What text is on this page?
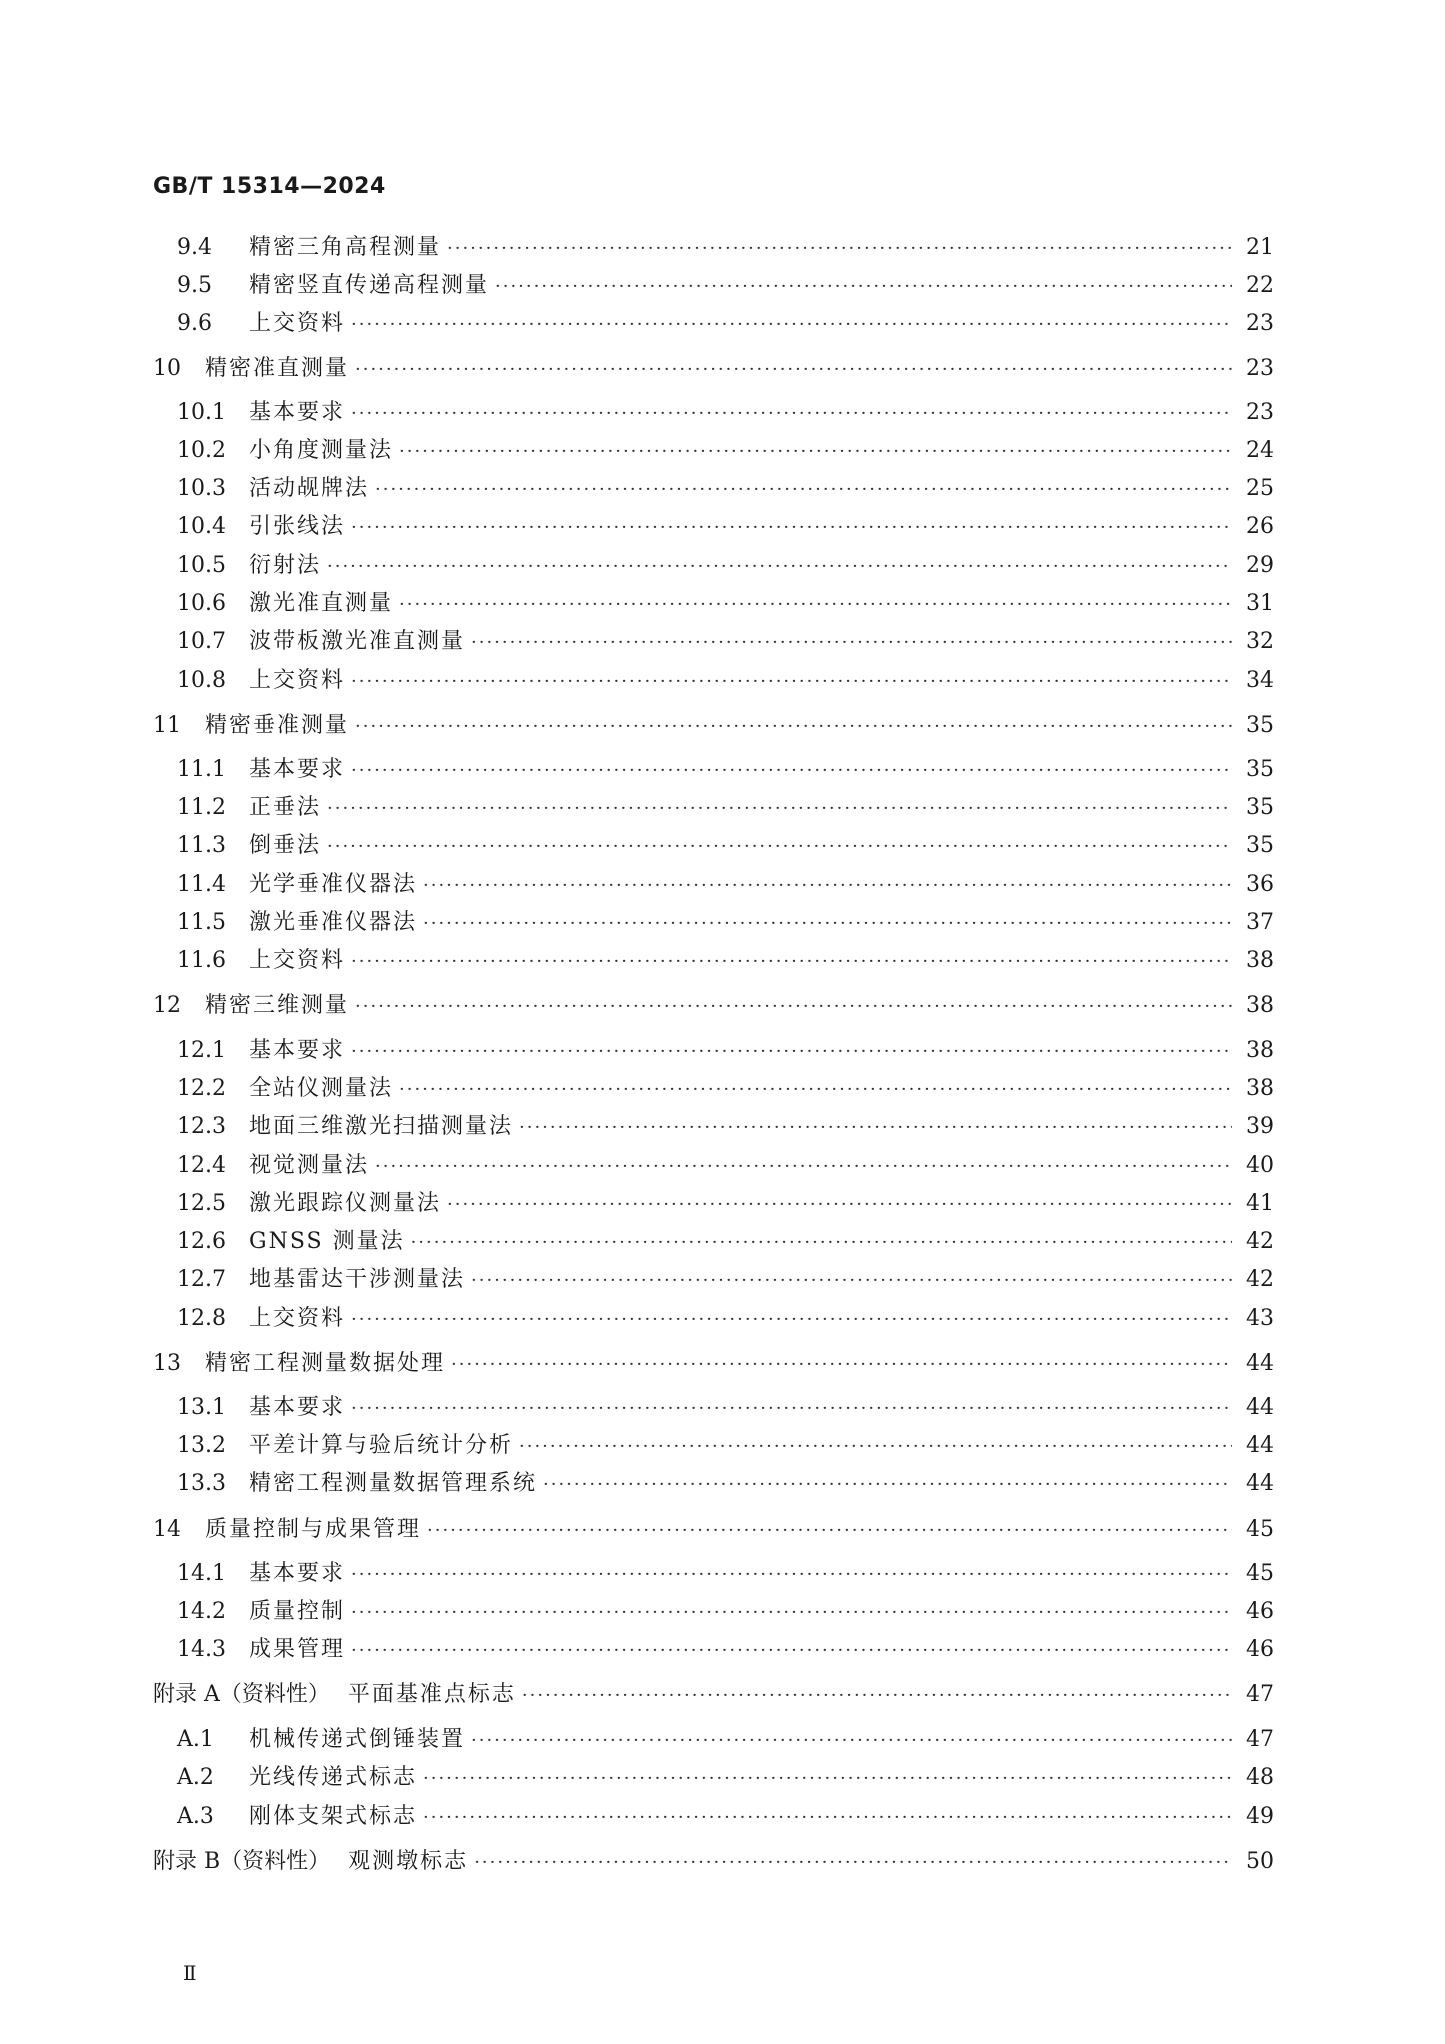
GB/T 15314—2024
9.4	精密三角高程测量 ·····	21
9.5	精密竖直传递高程测量 ·····	22
9.6	上交资料 ·····	23
10	精密准直测量 ·····	23
10.1	基本要求 ·····	23
10.2	小角度测量法 ·····	24
10.3	活动觇牌法 ·····	25
10.4	引张线法 ·····	26
10.5	衍射法 ·····	29
10.6	激光准直测量 ·····	31
10.7	波带板激光准直测量 ·····	32
10.8	上交资料 ·····	34
11	精密垂准测量 ·····	35
11.1	基本要求 ·····	35
11.2	正垂法 ·····	35
11.3	倒垂法 ·····	35
11.4	光学垂准仪器法 ·····	36
11.5	激光垂准仪器法 ·····	37
11.6	上交资料 ·····	38
12	精密三维测量 ·····	38
12.1	基本要求 ·····	38
12.2	全站仪测量法 ·····	38
12.3	地面三维激光扫描测量法 ·····	39
12.4	视觉测量法 ·····	40
12.5	激光跟踪仪测量法 ·····	41
12.6	GNSS 测量法 ·····	42
12.7	地基雷达干涉测量法 ·····	42
12.8	上交资料 ·····	43
13	精密工程测量数据处理 ·····	44
13.1	基本要求 ·····	44
13.2	平差计算与验后统计分析 ·····	44
13.3	精密工程测量数据管理系统 ·····	44
14	质量控制与成果管理 ·····	45
14.1	基本要求 ·····	45
14.2	质量控制 ·····	46
14.3	成果管理 ·····	46
附录 A（资料性） 平面基准点标志 ·····	47
A.1	机械传递式倒锤装置 ·····	47
A.2	光线传递式标志 ·····	48
A.3	刚体支架式标志 ·····	49
附录 B（资料性） 观测墩标志 ·····	50
Ⅱ
